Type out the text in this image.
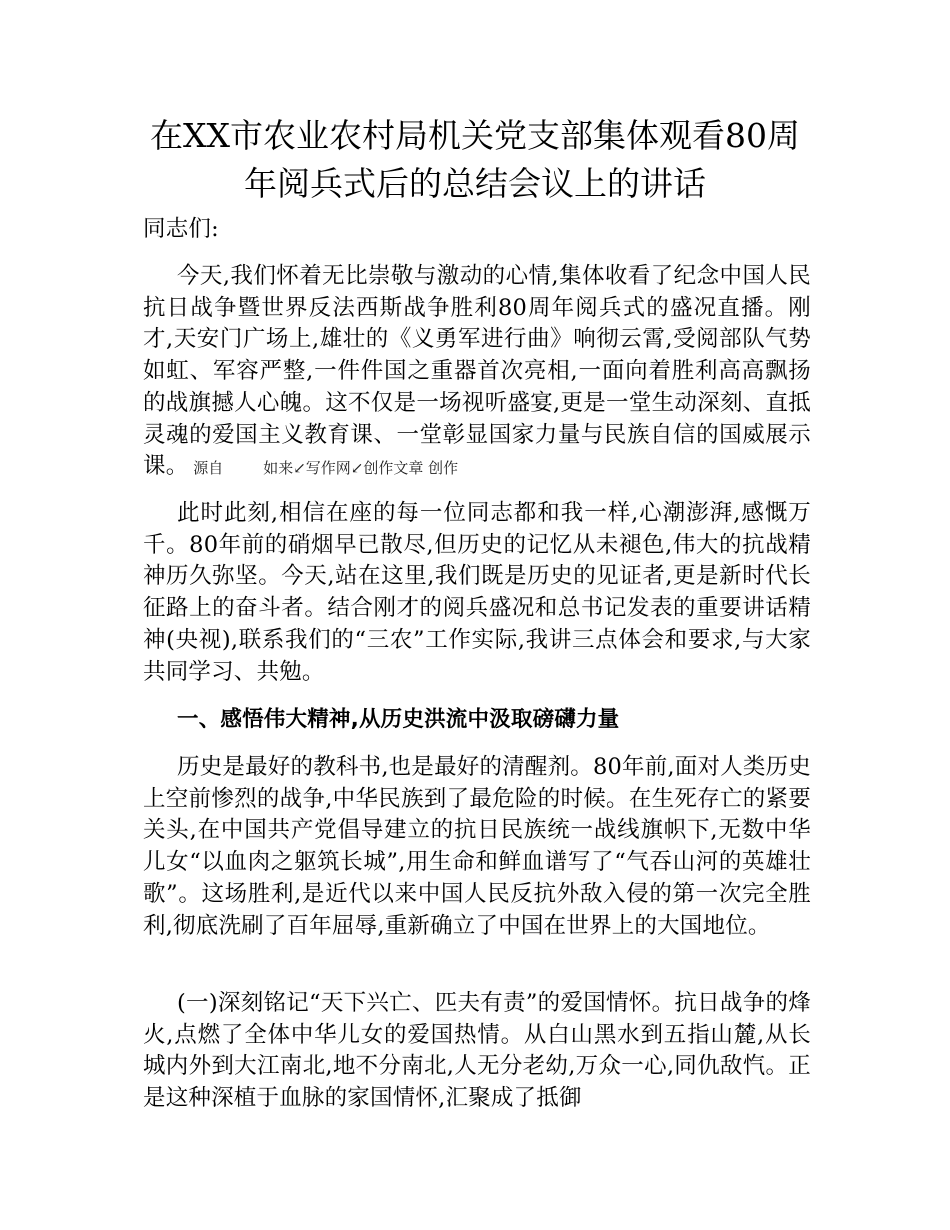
在XX市农业农村局机关党支部集体观看80周
年阅兵式后的总结会议上的讲话

同志们:

今天,我们怀着无比崇敬与激动的心情,集体收看了纪念中国人民抗日战争暨世界反法西斯战争胜利80周年阅兵式的盛况直播。刚才,天安门广场上,雄壮的《义勇军进行曲》响彻云霄,受阅部队气势如虹、军容严整,一件件国之重器首次亮相,一面向着胜利高高飘扬的战旗撼人心魄。这不仅是一场视听盛宴,更是一堂生动深刻、直抵灵魂的爱国主义教育课、一堂彰显国家力量与民族自信的国威展示课。 源自	如来↙写作网↙创作文章 创作

此时此刻,相信在座的每一位同志都和我一样,心潮澎湃,感慨万千。80年前的硝烟早已散尽,但历史的记忆从未褪色,伟大的抗战精神历久弥坚。今天,站在这里,我们既是历史的见证者,更是新时代长征路上的奋斗者。结合刚才的阅兵盛况和总书记发表的重要讲话精神(央视),联系我们的“三农”工作实际,我讲三点体会和要求,与大家共同学习、共勉。

一、感悟伟大精神,从历史洪流中汲取磅礴力量

历史是最好的教科书,也是最好的清醒剂。80年前,面对人类历史上空前惨烈的战争,中华民族到了最危险的时候。在生死存亡的紧要关头,在中国共产党倡导建立的抗日民族统一战线旗帜下,无数中华儿女“以血肉之躯筑长城”,用生命和鲜血谱写了“气吞山河的英雄壮歌”。这场胜利,是近代以来中国人民反抗外敌入侵的第一次完全胜利,彻底洗刷了百年屈辱,重新确立了中国在世界上的大国地位。

(一)深刻铭记“天下兴亡、匹夫有责”的爱国情怀。抗日战争的烽火,点燃了全体中华儿女的爱国热情。从白山黑水到五指山麓,从长城内外到大江南北,地不分南北,人无分老幼,万众一心,同仇敌忾。正是这种深植于血脉的家国情怀,汇聚成了抵御
